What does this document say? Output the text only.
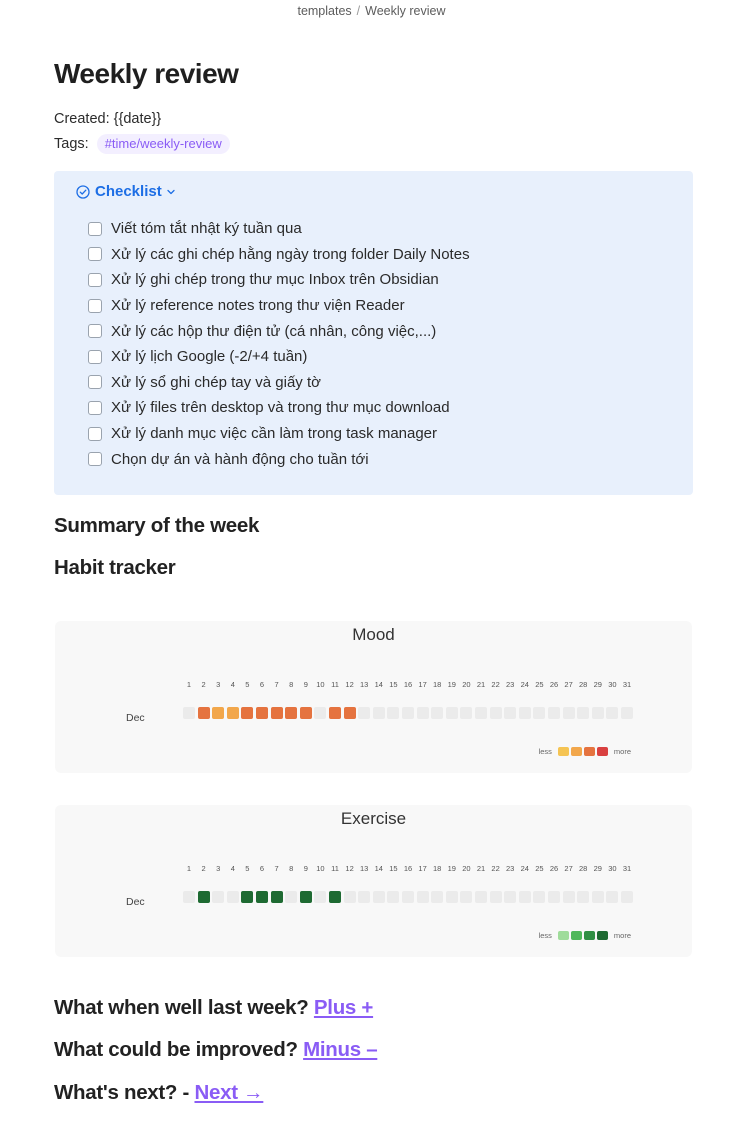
templates / Weekly review
Weekly review
Created: {{date}}
Tags: #time/weekly-review
Checklist
Viết tóm tắt nhật ký tuần qua
Xử lý các ghi chép hằng ngày trong folder Daily Notes
Xử lý ghi chép trong thư mục Inbox trên Obsidian
Xử lý reference notes trong thư viện Reader
Xử lý các hộp thư điện tử (cá nhân, công việc,...)
Xử lý lịch Google (-2/+4 tuần)
Xử lý sổ ghi chép tay và giấy tờ
Xử lý files trên desktop và trong thư mục download
Xử lý danh mục việc cần làm trong task manager
Chọn dự án và hành động cho tuần tới
Summary of the week
Habit tracker
Mood
Dec
1	2	3	4	5	6	7	8	9	10 11 12 13 14 15 16 17 18 19 20 21 22 23 24 25 26 27 28 29 30 31
less	more
Exercise
Dec
1	2	3	4	5	6	7	8	9	10 11 12 13 14 15 16 17 18 19 20 21 22 23 24 25 26 27 28 29 30 31
less	more
What when well last week? Plus +
What could be improved? Minus –
What's next? - Next →
